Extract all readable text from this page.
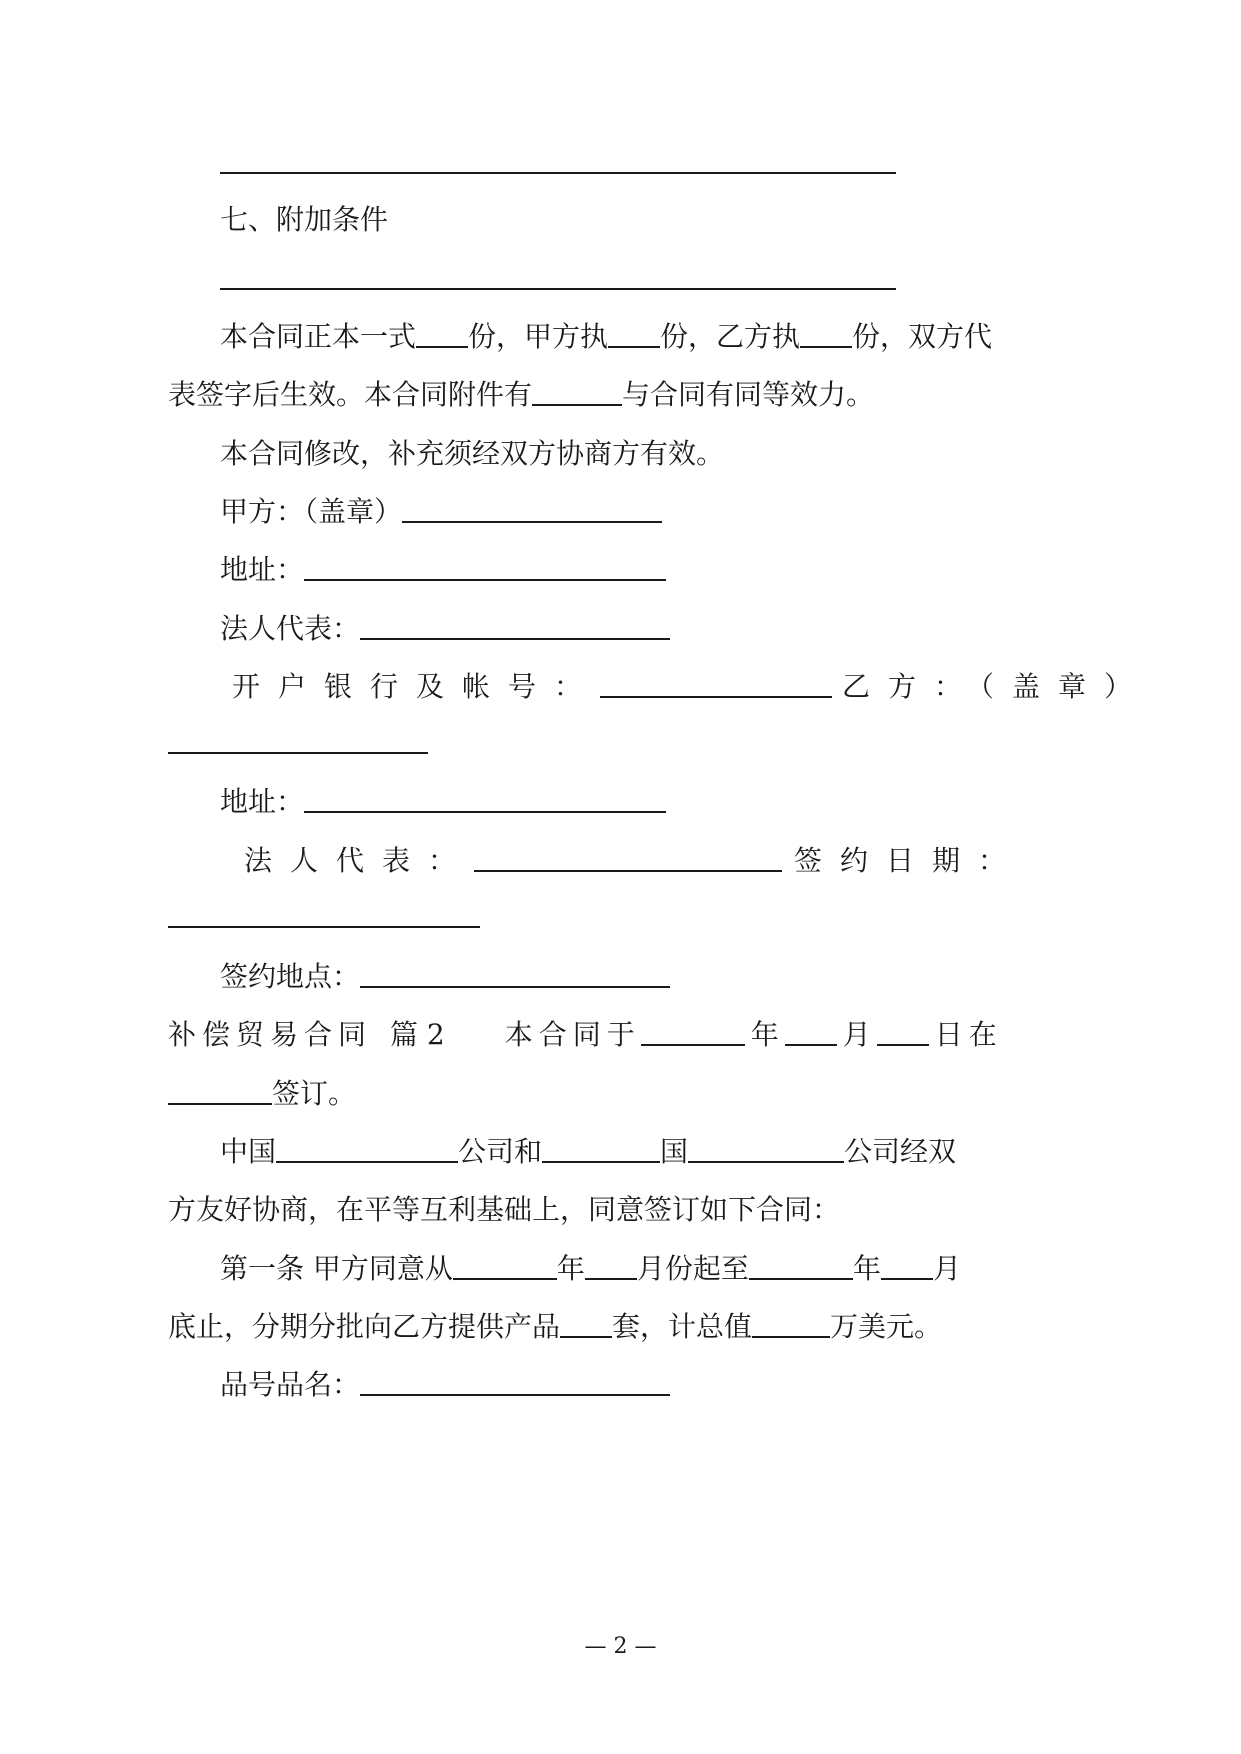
七、附加条件
本合同正本一式 份，甲方执 份，乙方执 份，双方代
表签字后生效。本合同附件有	与合同有同等效力。
本合同修改，补充须经双方协商方有效。
甲方：（盖章）
地址：
法人代表：
开户银行及帐号：	乙方：（盖章）
地址：
法人代表：	签约日期：
签约地点：
补偿贸易合同 篇 2 本合同于	年 月 日在
签订。
中国	公司和	国	公司经双
方友好协商，在平等互利基础上，同意签订如下合同：
第一条 甲方同意从	年 月份起至	年 月
底止，分期分批向乙方提供产品 套，计总值	万美元。
品号品名：
— 2 —
